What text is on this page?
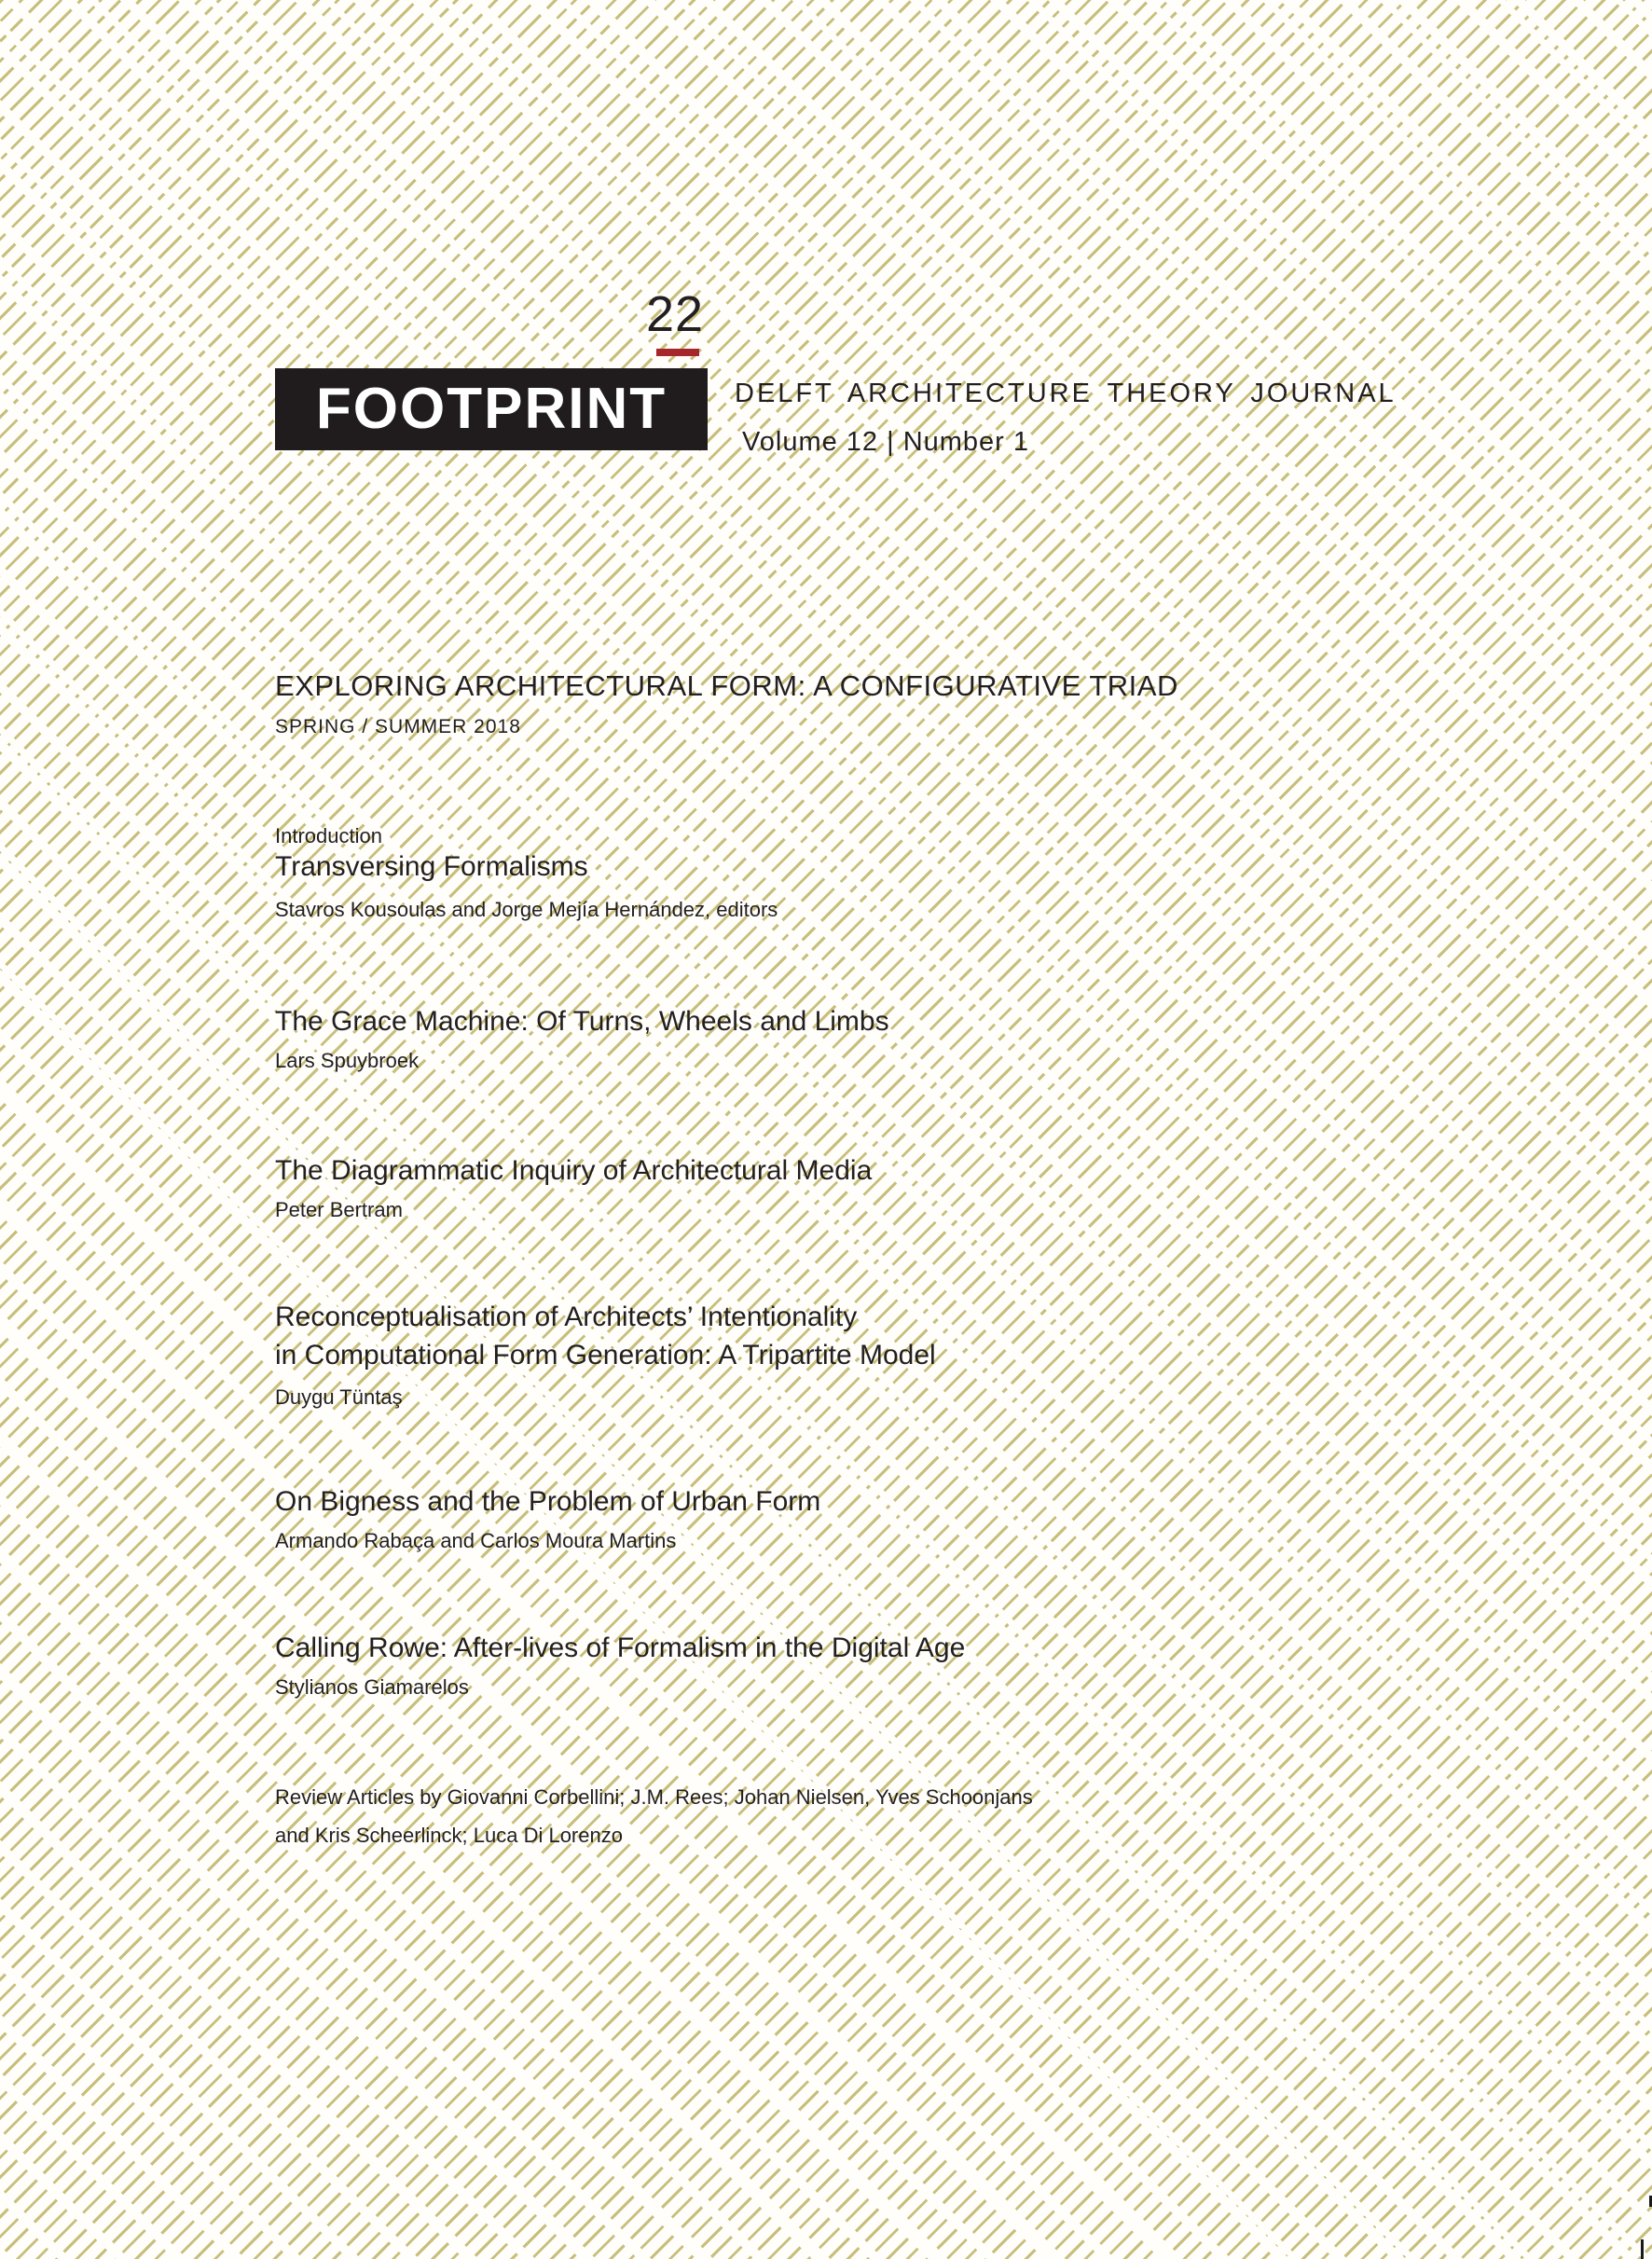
22
FOOTPRINT	DELFT ARCHITECTURE THEORY JOURNAL
Volume 12 | Number 1
EXPLORING ARCHITECTURAL FORM: A CONFIGURATIVE TRIAD
SPRING / SUMMER 2018
Introduction
Transversing Formalisms
Stavros Kousoulas and Jorge Mejía Hernández, editors
The Grace Machine: Of Turns, Wheels and Limbs
Lars Spuybroek
The Diagrammatic Inquiry of Architectural Media
Peter Bertram
Reconceptualisation of Architects’ Intentionality
in Computational Form Generation: A Tripartite Model
Duygu Tüntaş
On Bigness and the Problem of Urban Form
Armando Rabaça and Carlos Moura Martins
Calling Rowe: After-lives of Formalism in the Digital Age
Stylianos Giamarelos
Review Articles by Giovanni Corbellini; J.M. Rees; Johan Nielsen, Yves Schoonjans
and Kris Scheerlinck; Luca Di Lorenzo
